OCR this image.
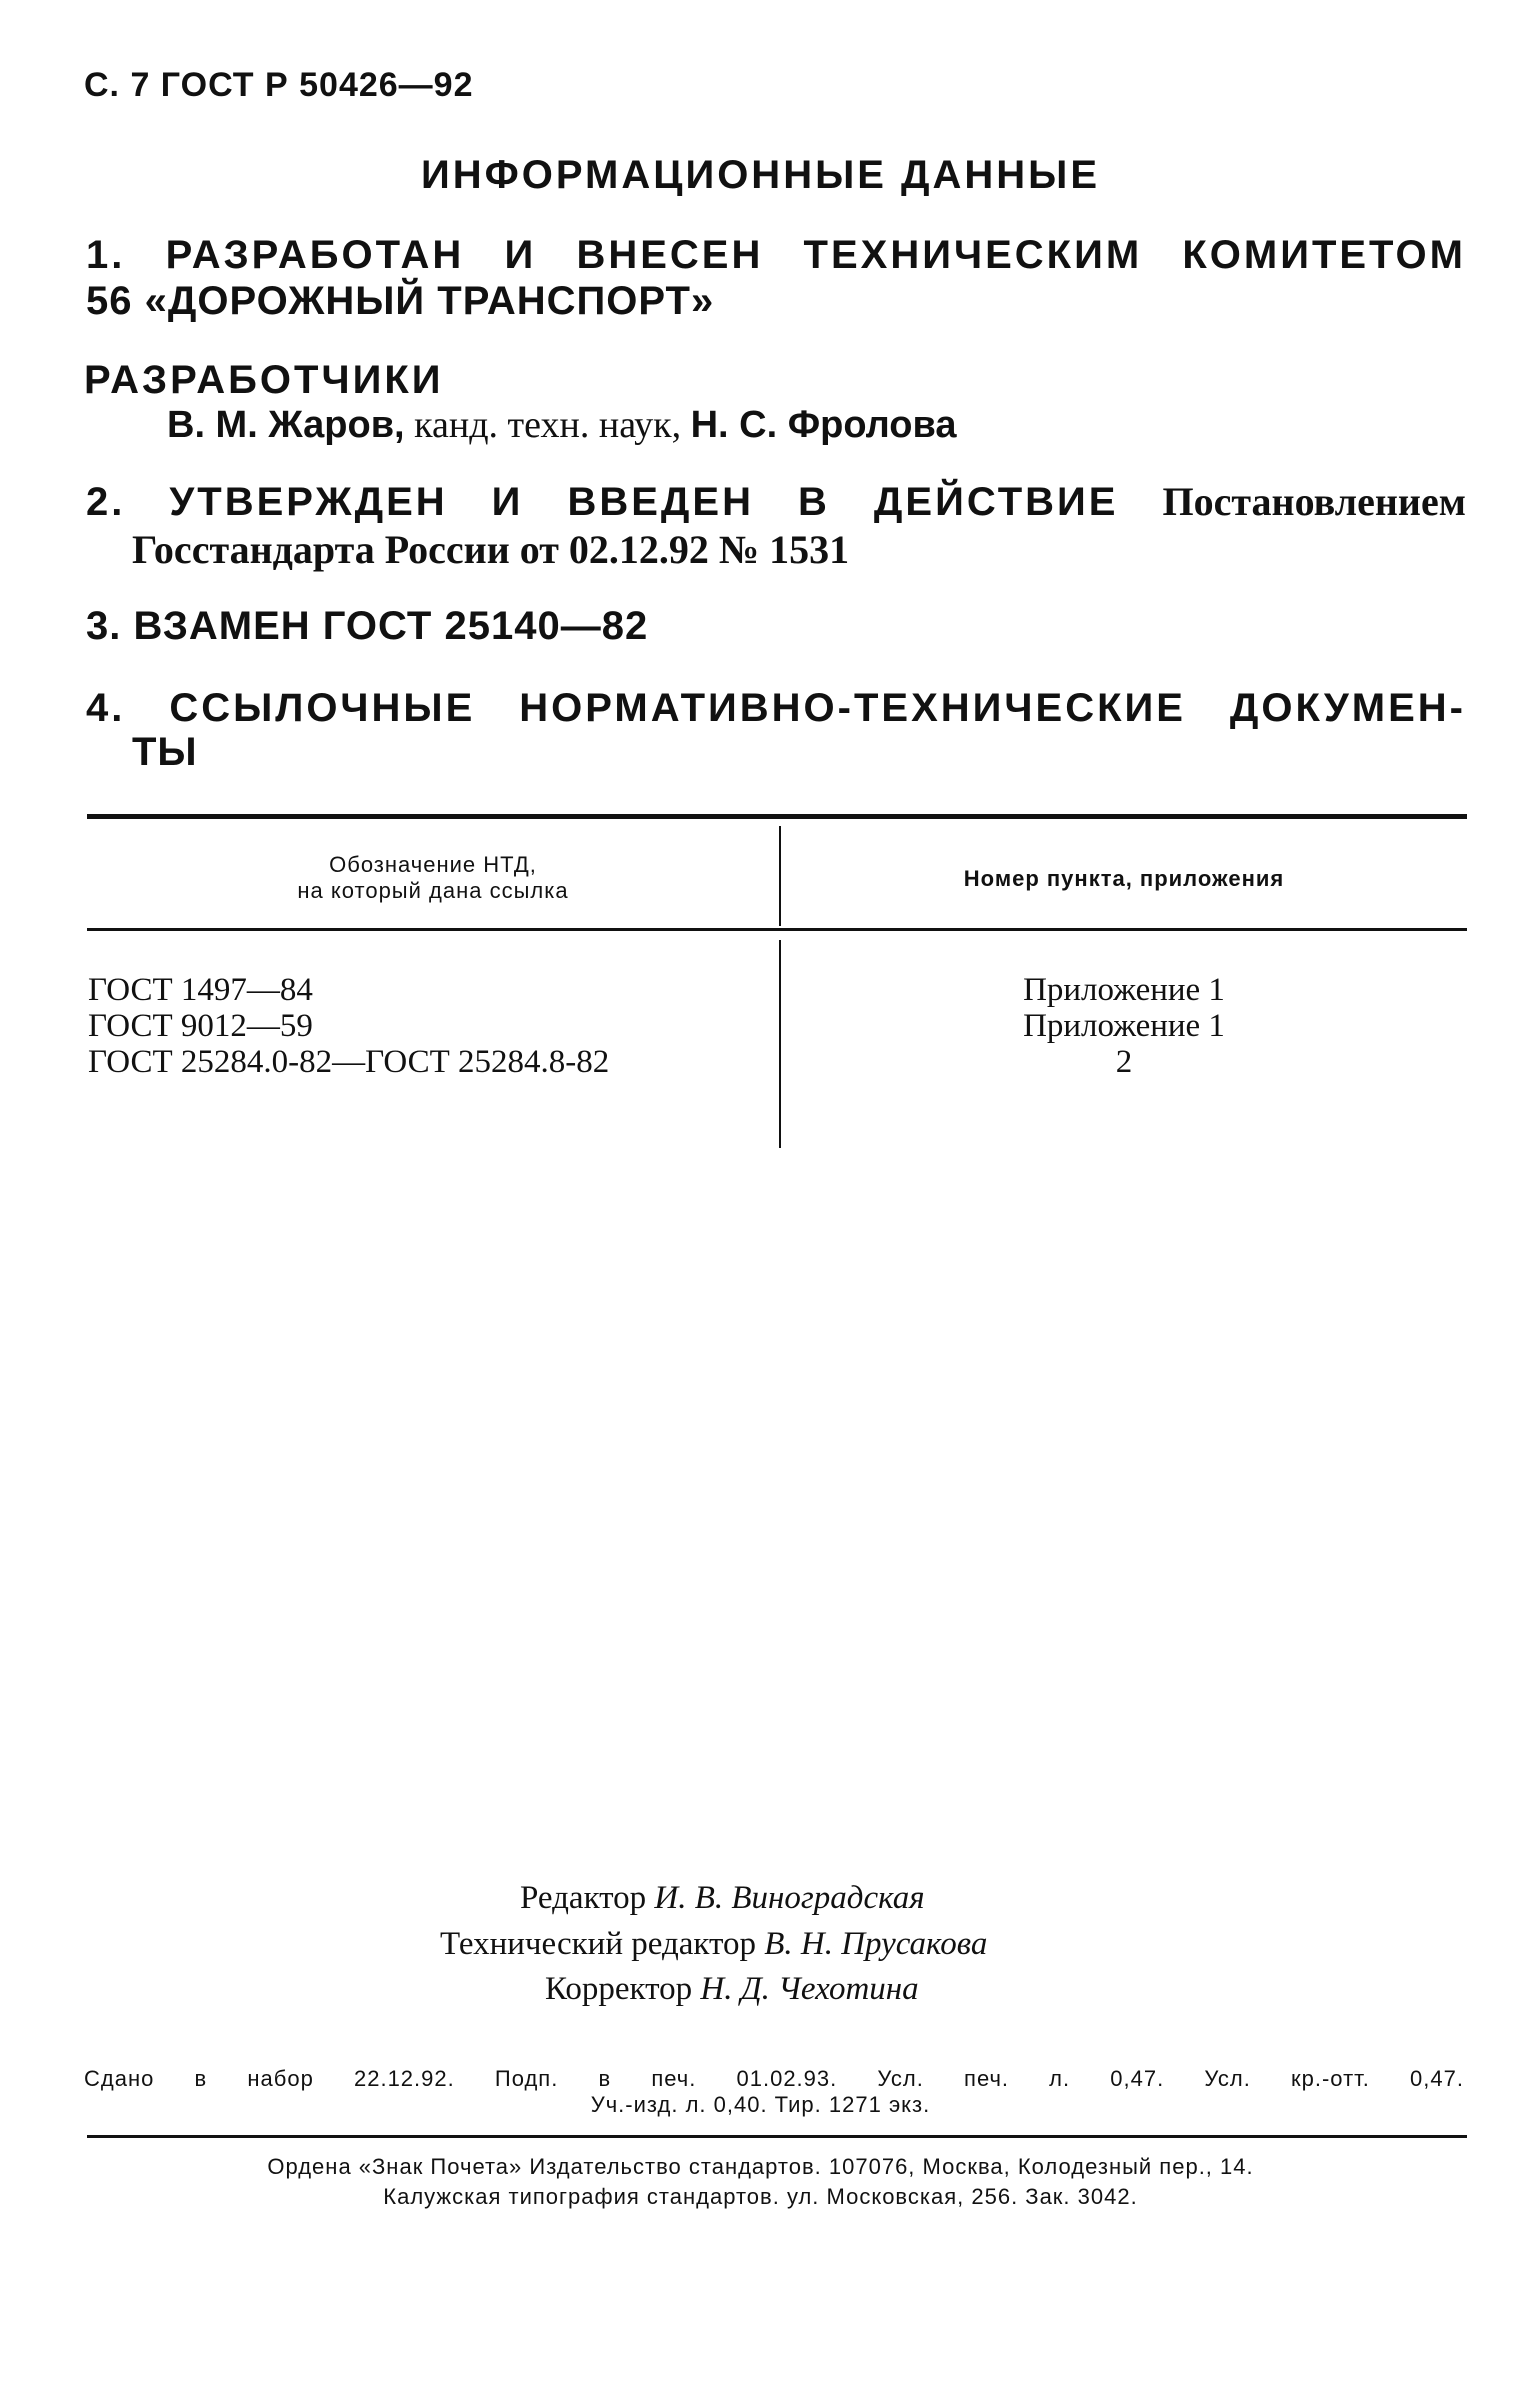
С. 7 ГОСТ Р 50426—92
ИНФОРМАЦИОННЫЕ ДАННЫЕ
1. РАЗРАБОТАН И ВНЕСЕН ТЕХНИЧЕСКИМ КОМИТЕТОМ
56 «ДОРОЖНЫЙ ТРАНСПОРТ»
РАЗРАБОТЧИКИ
В. М. Жаров, канд. техн. наук, Н. С. Фролова
2. УТВЕРЖДЕН И ВВЕДЕН В ДЕЙСТВИЕ Постановлением
Госстандарта России от 02.12.92 № 1531
3. ВЗАМЕН ГОСТ 25140—82
4. ССЫЛОЧНЫЕ НОРМАТИВНО-ТЕХНИЧЕСКИЕ ДОКУМЕН-
ТЫ
Обозначение НТД,
на который дана ссылка	Номер пункта, приложения
ГОСТ 1497—84
ГОСТ 9012—59
ГОСТ 25284.0-82—ГОСТ 25284.8-82
Приложение 1
Приложение 1
2
Редактор И. В. Виноградская
Технический редактор В. Н. Прусакова
Корректор Н. Д. Чехотина
Сдано в набор 22.12.92. Подп. в печ. 01.02.93. Усл. печ. л. 0,47. Усл. кр.-отт. 0,47.
Уч.-изд. л. 0,40. Тир. 1271 экз.
Ордена «Знак Почета» Издательство стандартов. 107076, Москва, Колодезный пер., 14.
Калужская типография стандартов. ул. Московская, 256. Зак. 3042.
